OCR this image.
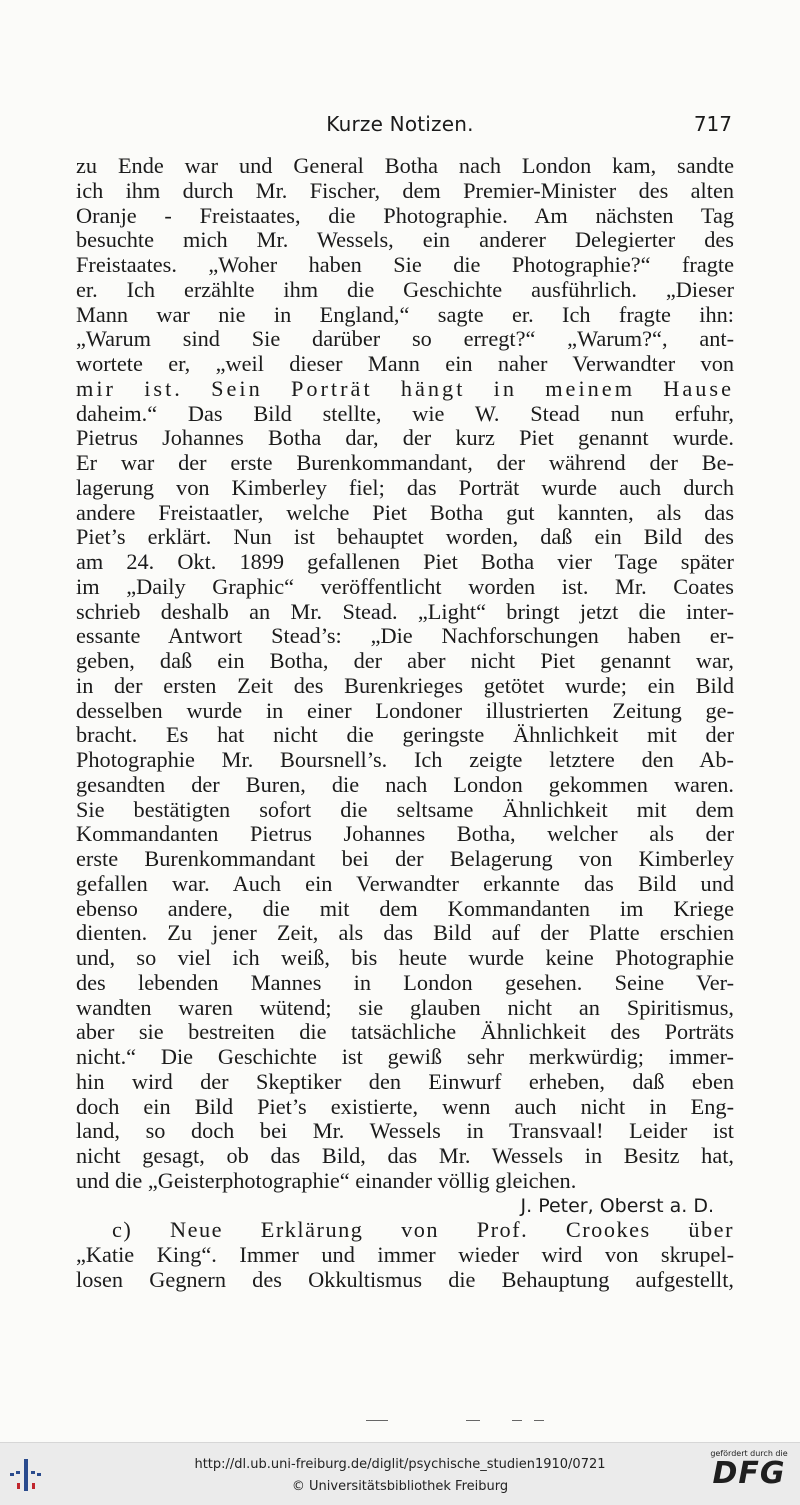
Kurze Notizen.	717
zu Ende war und General Botha nach London kam, sandte
ich ihm durch Mr. Fischer, dem Premier-Minister des alten
Oranje - Freistaates, die Photographie. Am nächsten Tag
besuchte mich Mr. Wessels, ein anderer Delegierter des
Freistaates. „Woher haben Sie die Photographie?“ fragte
er. Ich erzählte ihm die Geschichte ausführlich. „Dieser
Mann war nie in England,“ sagte er. Ich fragte ihn:
„Warum sind Sie darüber so erregt?“ „Warum?“, ant-
wortete er, „weil dieser Mann ein naher Verwandter von
mir ist. Sein Porträt hängt in meinem Hause
daheim.“ Das Bild stellte, wie W. Stead nun erfuhr,
Pietrus Johannes Botha dar, der kurz Piet genannt wurde.
Er war der erste Burenkommandant, der während der Be-
lagerung von Kimberley fiel; das Porträt wurde auch durch
andere Freistaatler, welche Piet Botha gut kannten, als das
Piet’s erklärt. Nun ist behauptet worden, daß ein Bild des
am 24. Okt. 1899 gefallenen Piet Botha vier Tage später
im „Daily Graphic“ veröffentlicht worden ist. Mr. Coates
schrieb deshalb an Mr. Stead. „Light“ bringt jetzt die inter-
essante Antwort Stead’s: „Die Nachforschungen haben er-
geben, daß ein Botha, der aber nicht Piet genannt war,
in der ersten Zeit des Burenkrieges getötet wurde; ein Bild
desselben wurde in einer Londoner illustrierten Zeitung ge-
bracht. Es hat nicht die geringste Ähnlichkeit mit der
Photographie Mr. Boursnell’s. Ich zeigte letztere den Ab-
gesandten der Buren, die nach London gekommen waren.
Sie bestätigten sofort die seltsame Ähnlichkeit mit dem
Kommandanten Pietrus Johannes Botha, welcher als der
erste Burenkommandant bei der Belagerung von Kimberley
gefallen war. Auch ein Verwandter erkannte das Bild und
ebenso andere, die mit dem Kommandanten im Kriege
dienten. Zu jener Zeit, als das Bild auf der Platte erschien
und, so viel ich weiß, bis heute wurde keine Photographie
des lebenden Mannes in London gesehen. Seine Ver-
wandten waren wütend; sie glauben nicht an Spiritismus,
aber sie bestreiten die tatsächliche Ähnlichkeit des Porträts
nicht.“ Die Geschichte ist gewiß sehr merkwürdig; immer-
hin wird der Skeptiker den Einwurf erheben, daß eben
doch ein Bild Piet’s existierte, wenn auch nicht in Eng-
land, so doch bei Mr. Wessels in Transvaal! Leider ist
nicht gesagt, ob das Bild, das Mr. Wessels in Besitz hat,
und die „Geisterphotographie“ einander völlig gleichen.
J. Peter, Oberst a. D.
c) Neue Erklärung von Prof. Crookes über
„Katie King“. Immer und immer wieder wird von skrupel-
losen Gegnern des Okkultismus die Behauptung aufgestellt,
http://dl.ub.uni-freiburg.de/diglit/psychische_studien1910/0721
© Universitätsbibliothek Freiburg
gefördert durch die
DFG
